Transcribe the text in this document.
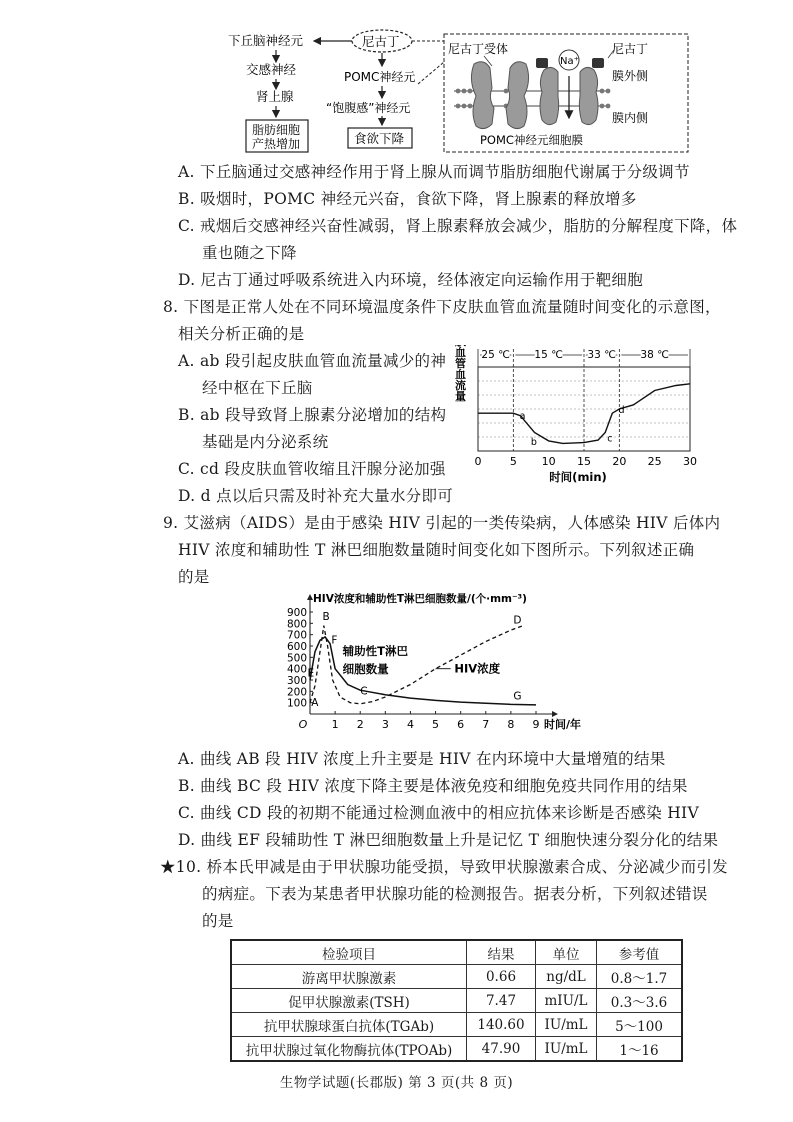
下丘脑神经元
交感神经
肾上腺
脂肪细胞
产热增加
尼古丁
POMC神经元
“饱腹感”神经元
食欲下降
尼古丁受体	尼古丁
膜外侧
膜内侧
POMC神经元细胞膜
Na⁺
A. 下丘脑通过交感神经作用于肾上腺从而调节脂肪细胞代谢属于分级调节
B. 吸烟时，POMC 神经元兴奋，食欲下降，肾上腺素的释放增多
C. 戒烟后交感神经兴奋性减弱，肾上腺素释放会减少，脂肪的分解程度下降，体
重也随之下降
D. 尼古丁通过呼吸系统进入内环境，经体液定向运输作用于靶细胞
8. 下图是正常人处在不同环境温度条件下皮肤血管血流量随时间变化的示意图，
相关分析正确的是
A. ab 段引起皮肤血管血流量减少的神
经中枢在下丘脑
B. ab 段导致肾上腺素分泌增加的结构
基础是内分泌系统
C. cd 段皮肤血管收缩且汗腺分泌加强
D. d 点以后只需及时补充大量水分即可
25 ℃ 15 ℃ 33 ℃ 38 ℃
0	5 10 15 20 25 30
时间(min)
皮肤血管血流量
a
b	c
d
9. 艾滋病（AIDS）是由于感染 HIV 引起的一类传染病，人体感染 HIV 后体内
HIV 浓度和辅助性 T 淋巴细胞数量随时间变化如下图所示。下列叙述正确
的是
HIV浓度和辅助性T淋巴细胞数量/(个·mm⁻³)
900
800
700
600
500
400
300
200
100
O 1 2 3 4 5 6 7 8 9 时间/年
辅助性T淋巴
细胞数量	HIV浓度
A
B
C
D
E
F
G
A. 曲线 AB 段 HIV 浓度上升主要是 HIV 在内环境中大量增殖的结果
B. 曲线 BC 段 HIV 浓度下降主要是体液免疫和细胞免疫共同作用的结果
C. 曲线 CD 段的初期不能通过检测血液中的相应抗体来诊断是否感染 HIV
D. 曲线 EF 段辅助性 T 淋巴细胞数量上升是记忆 T 细胞快速分裂分化的结果
★10. 桥本氏甲减是由于甲状腺功能受损，导致甲状腺激素合成、分泌减少而引发
的病症。下表为某患者甲状腺功能的检测报告。据表分析，下列叙述错误
的是
检验项目	结果	单位	参考值
游离甲状腺激素	0.66	ng/dL	0.8～1.7
促甲状腺激素(TSH)	7.47	mIU/L	0.3～3.6
抗甲状腺球蛋白抗体(TGAb)	140.60	IU/mL	5～100
抗甲状腺过氧化物酶抗体(TPOAb)	47.90	IU/mL	1～16
生物学试题(长郡版) 第 3 页(共 8 页)
